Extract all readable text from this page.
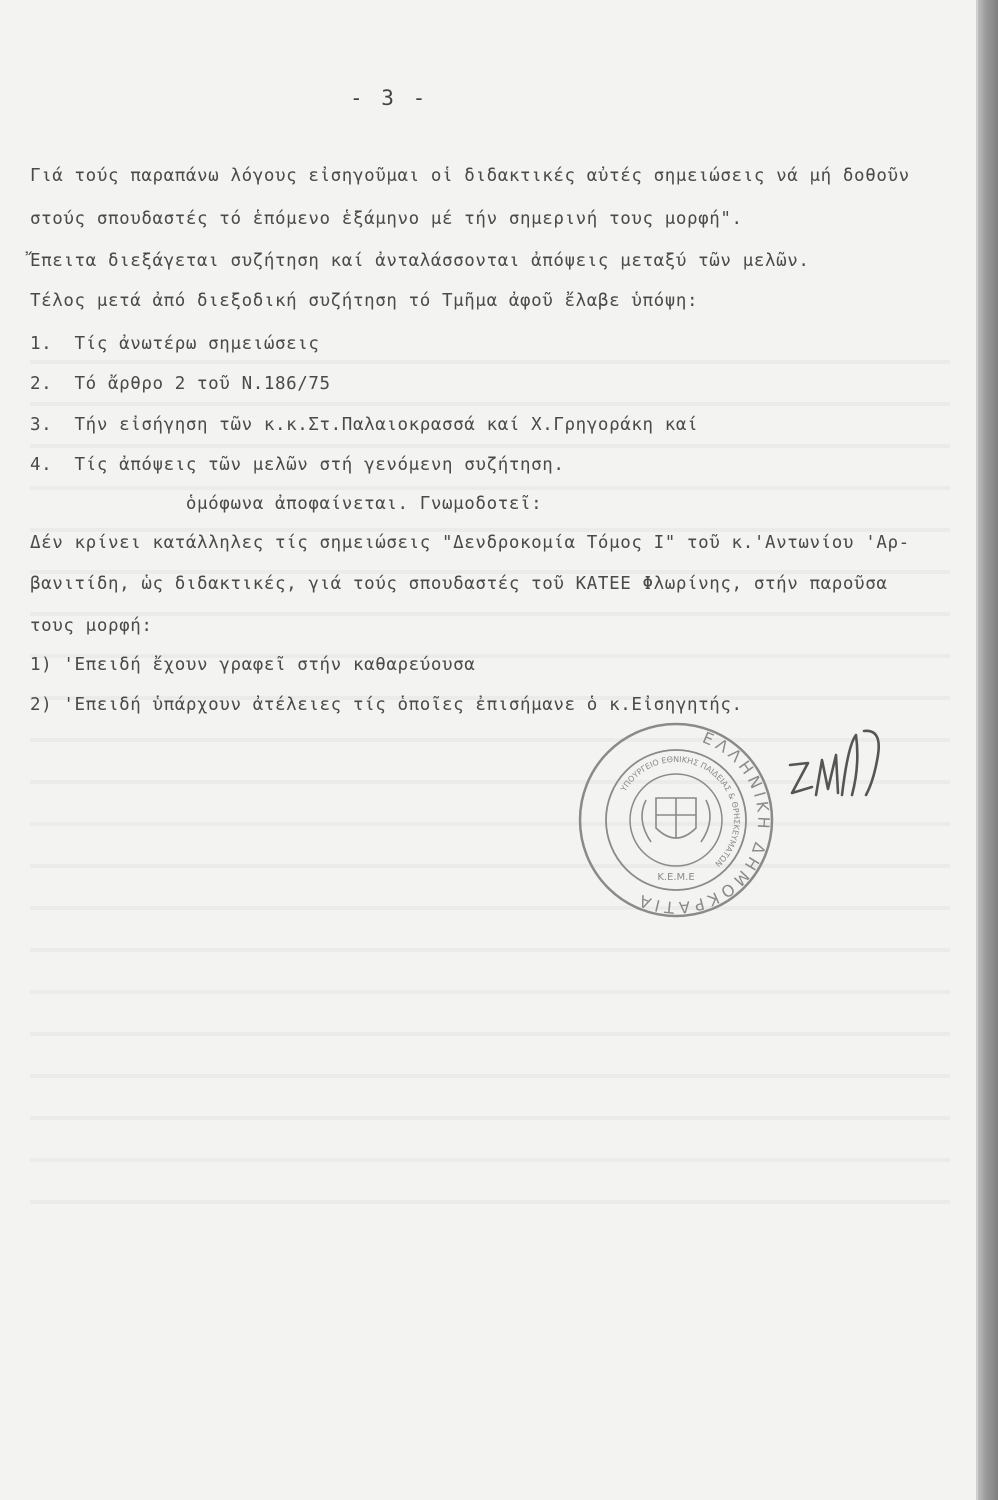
- 3 -
Γιά τούς παραπάνω λόγους εἰσηγοῦμαι οἱ διδακτικές αὐτές σημειώσεις νά μή δοθοῦν
στούς σπουδαστές τό ἑπόμενο ἑξάμηνο μέ τήν σημερινή τους μορφή".
Ἔπειτα διεξάγεται συζήτηση καί ἀνταλάσσονται ἀπόψεις μεταξύ τῶν μελῶν.
Τέλος μετά ἀπό διεξοδική συζήτηση τό Τμῆμα ἀφοῦ ἔλαβε ὑπόψη:
1.  Τίς ἀνωτέρω σημειώσεις
2.  Τό ἄρθρο 2 τοῦ Ν.186/75
3.  Τήν εἰσήγηση τῶν κ.κ.Στ.Παλαιοκρασσά καί Χ.Γρηγοράκη καί
4.  Τίς ἀπόψεις τῶν μελῶν στή γενόμενη συζήτηση.
ὁμόφωνα ἀποφαίνεται. Γνωμοδοτεῖ:
Δέν κρίνει κατάλληλες τίς σημειώσεις "Δενδροκομία Τόμος Ι" τοῦ κ.'Αντωνίου 'Αρ-
βανιτίδη, ὡς διδακτικές, γιά τούς σπουδαστές τοῦ ΚΑΤΕΕ Φλωρίνης, στήν παροῦσα
τους μορφή:
1) 'Επειδή ἔχουν γραφεῖ στήν καθαρεύουσα
2) 'Επειδή ὑπάρχουν ἀτέλειες τίς ὁποῖες ἐπισήμανε ὁ κ.Εἰσηγητής.
ΕΛΛΗΝΙΚΗ ΔΗΜΟΚΡΑΤΙΑ
ΥΠΟΥΡΓΕΙΟ ΕΘΝΙΚΗΣ ΠΑΙΔΕΙΑΣ & ΘΡΗΣΚΕΥΜΑΤΩΝ
Κ.Ε.Μ.Ε
